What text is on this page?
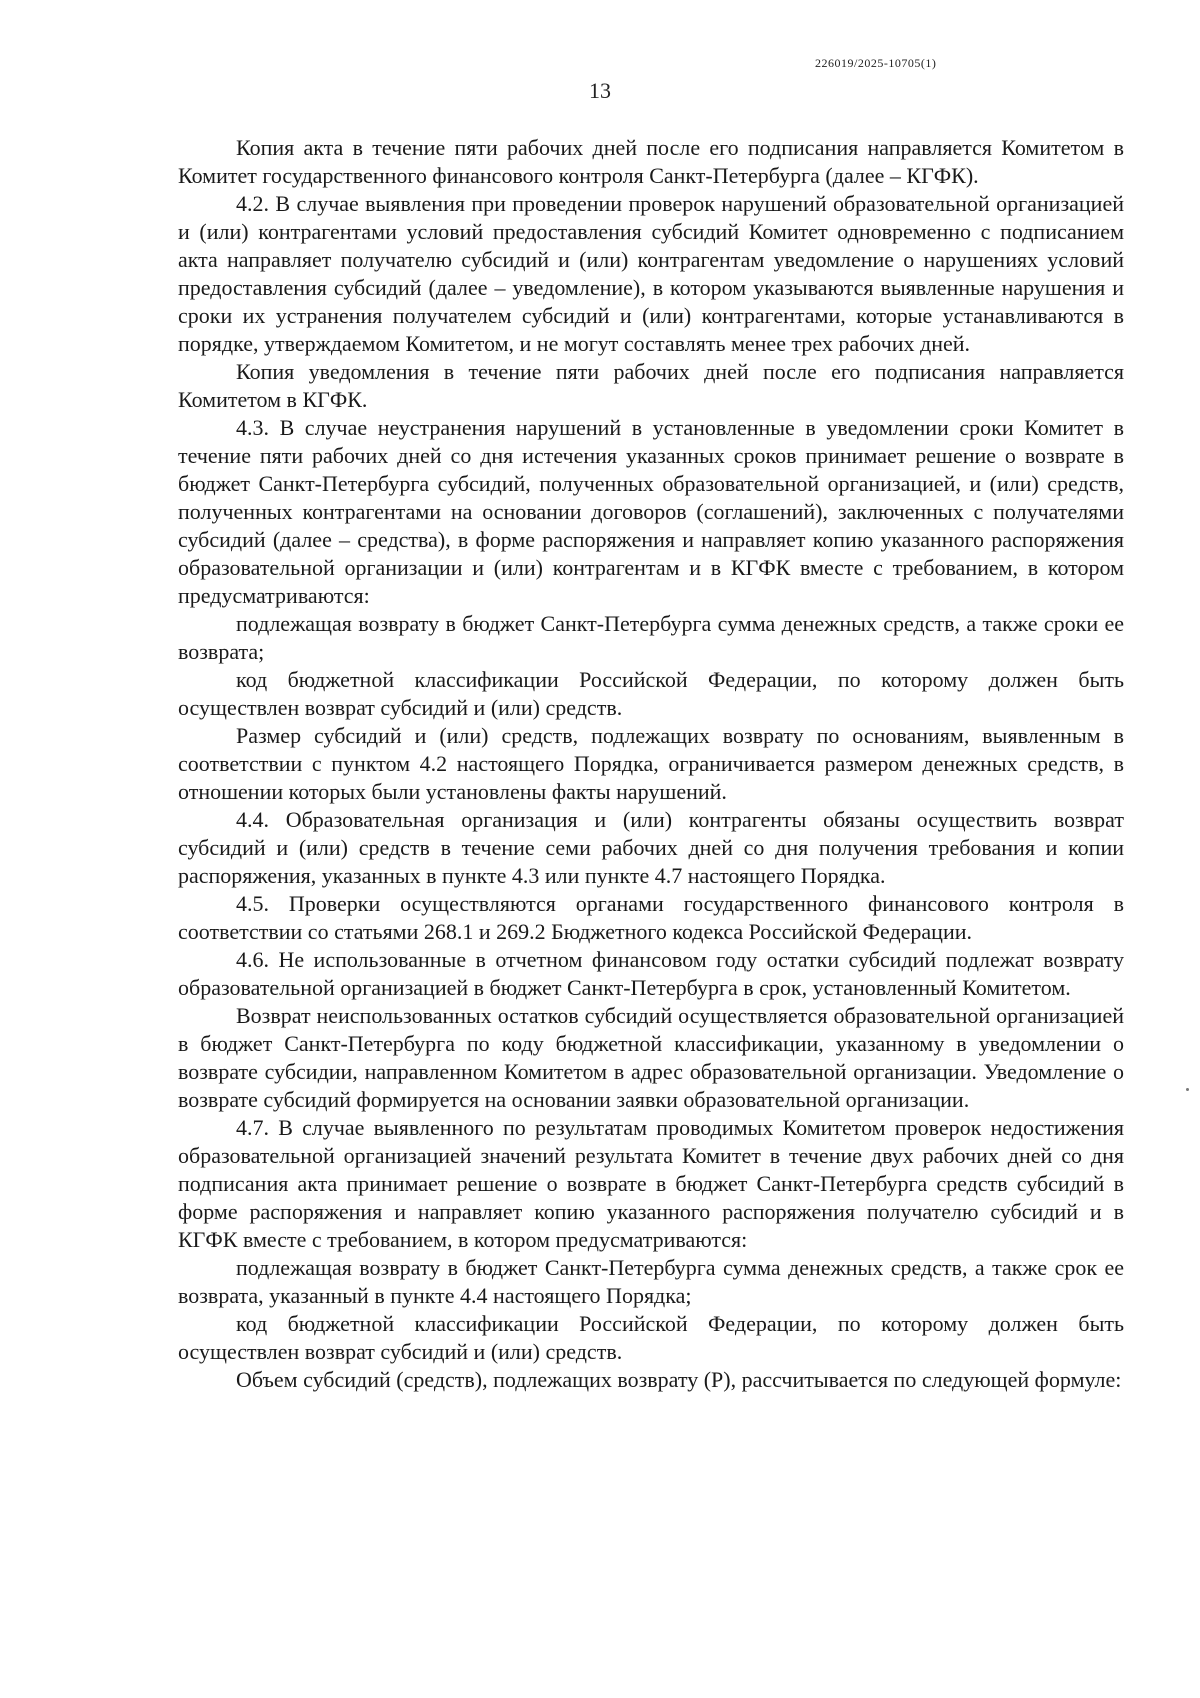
226019/2025-10705(1)
13

Копия акта в течение пяти рабочих дней после его подписания направляется Комитетом в Комитет государственного финансового контроля Санкт-Петербурга (далее – КГФК).

4.2. В случае выявления при проведении проверок нарушений образовательной организацией и (или) контрагентами условий предоставления субсидий Комитет одновременно с подписанием акта направляет получателю субсидий и (или) контрагентам уведомление о нарушениях условий предоставления субсидий (далее – уведомление), в котором указываются выявленные нарушения и сроки их устранения получателем субсидий и (или) контрагентами, которые устанавливаются в порядке, утверждаемом Комитетом, и не могут составлять менее трех рабочих дней.

Копия уведомления в течение пяти рабочих дней после его подписания направляется Комитетом в КГФК.

4.3. В случае неустранения нарушений в установленные в уведомлении сроки Комитет в течение пяти рабочих дней со дня истечения указанных сроков принимает решение о возврате в бюджет Санкт-Петербурга субсидий, полученных образовательной организацией, и (или) средств, полученных контрагентами на основании договоров (соглашений), заключенных с получателями субсидий (далее – средства), в форме распоряжения и направляет копию указанного распоряжения образовательной организации и (или) контрагентам и в КГФК вместе с требованием, в котором предусматриваются:

подлежащая возврату в бюджет Санкт-Петербурга сумма денежных средств, а также сроки ее возврата;

код бюджетной классификации Российской Федерации, по которому должен быть осуществлен возврат субсидий и (или) средств.

Размер субсидий и (или) средств, подлежащих возврату по основаниям, выявленным в соответствии с пунктом 4.2 настоящего Порядка, ограничивается размером денежных средств, в отношении которых были установлены факты нарушений.

4.4. Образовательная организация и (или) контрагенты обязаны осуществить возврат субсидий и (или) средств в течение семи рабочих дней со дня получения требования и копии распоряжения, указанных в пункте 4.3 или пункте 4.7 настоящего Порядка.

4.5. Проверки осуществляются органами государственного финансового контроля в соответствии со статьями 268.1 и 269.2 Бюджетного кодекса Российской Федерации.

4.6. Не использованные в отчетном финансовом году остатки субсидий подлежат возврату образовательной организацией в бюджет Санкт-Петербурга в срок, установленный Комитетом.

Возврат неиспользованных остатков субсидий осуществляется образовательной организацией в бюджет Санкт-Петербурга по коду бюджетной классификации, указанному в уведомлении о возврате субсидии, направленном Комитетом в адрес образовательной организации. Уведомление о возврате субсидий формируется на основании заявки образовательной организации.

4.7. В случае выявленного по результатам проводимых Комитетом проверок недостижения образовательной организацией значений результата Комитет в течение двух рабочих дней со дня подписания акта принимает решение о возврате в бюджет Санкт-Петербурга средств субсидий в форме распоряжения и направляет копию указанного распоряжения получателю субсидий и в КГФК вместе с требованием, в котором предусматриваются:

подлежащая возврату в бюджет Санкт-Петербурга сумма денежных средств, а также срок ее возврата, указанный в пункте 4.4 настоящего Порядка;

код бюджетной классификации Российской Федерации, по которому должен быть осуществлен возврат субсидий и (или) средств.

Объем субсидий (средств), подлежащих возврату (Р), рассчитывается по следующей формуле:
